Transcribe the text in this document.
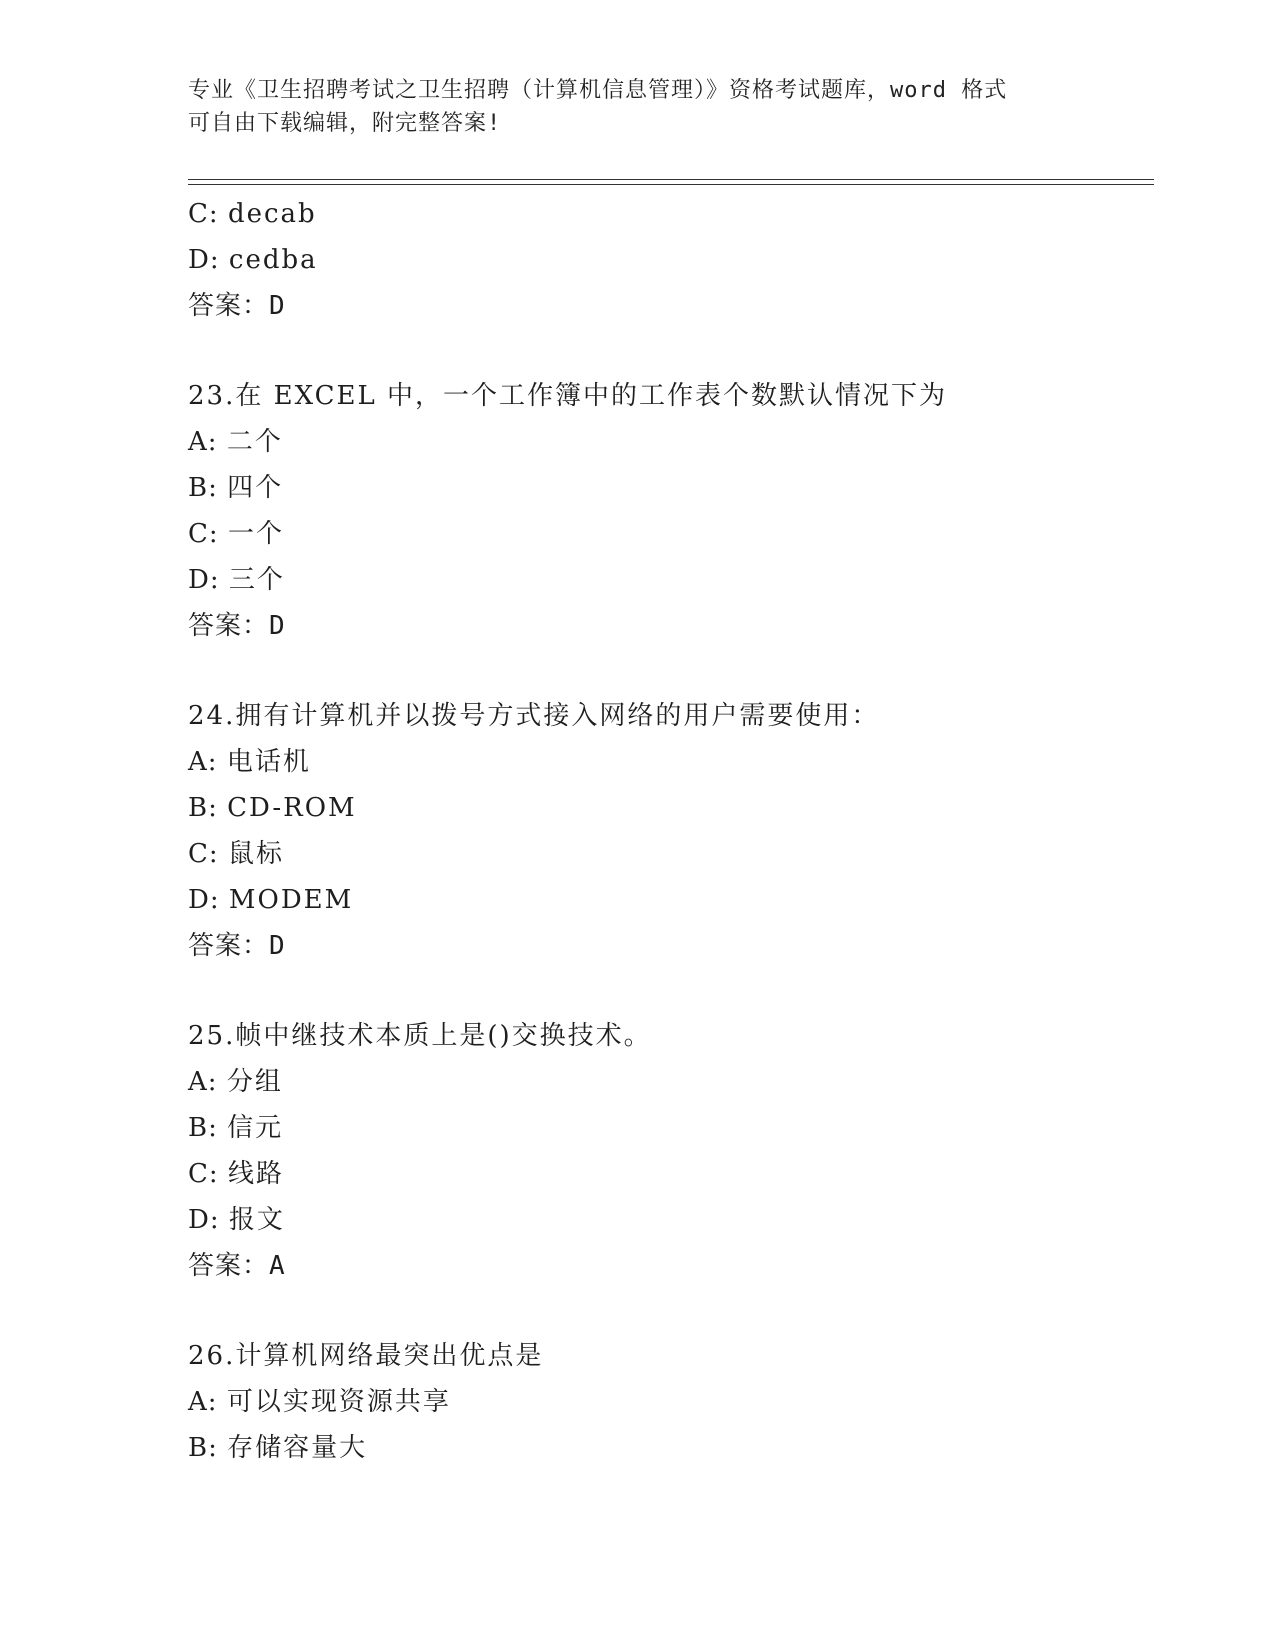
专业《卫生招聘考试之卫生招聘（计算机信息管理）》资格考试题库，word 格式
可自由下载编辑，附完整答案!
C: decab
D: cedba
答案：D
23.在 EXCEL 中，一个工作簿中的工作表个数默认情况下为
A: 二个
B: 四个
C: 一个
D: 三个
答案：D
24.拥有计算机并以拨号方式接入网络的用户需要使用：
A: 电话机
B: CD-ROM
C: 鼠标
D: MODEM
答案：D
25.帧中继技术本质上是()交换技术。
A: 分组
B: 信元
C: 线路
D: 报文
答案：A
26.计算机网络最突出优点是
A: 可以实现资源共享
B: 存储容量大
